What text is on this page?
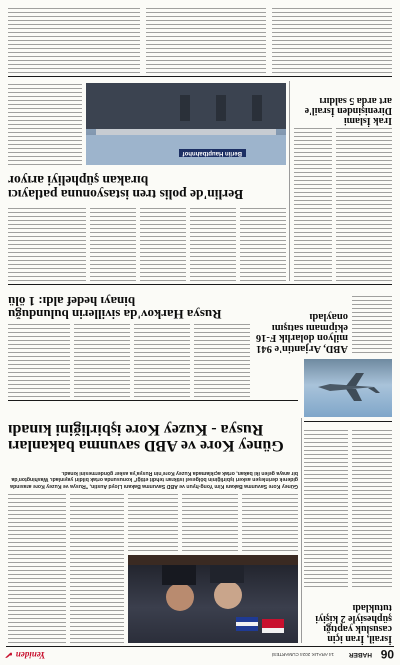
06
HABER
14 ARALIK 2024 CUMARTESİ
Yeniden ✔
İsrail, İran için casusluk yaptığı şüphesiyle 2 kişiyi tutukladı
ABD, Arjantin'e 941 milyon dolarlık F-16 ekipmanı satışını onayladı
Güney Kore Savunma Bakanı Kim Yong-hyun ve ABD Savunma Bakanı Lloyd Austin, "Rusya ve Kuzey Kore arasında giderek derinleşen askeri işbirliğinin bölgesel istikrarı tehdit ettiği" konusunda ortak bildiri yayınladı. Washington'da bir araya gelen iki bakan, ortak açıklamada Kuzey Kore'nin Rusya'ya asker göndermesini kınadı.
Güney Kore ve ABD savunma bakanları Rusya - Kuzey Kore işbirliğini kınadı
Rusya Harkov'da sivillerin bulunduğu binayı hedef aldı: 1 ölü
Irak İslami Direnişinden İsrail'e art arda 5 saldırı
Berlin'de polis tren istasyonuna patlayıcı bırakan şüpheliyi arıyor
Berlin Hauptbahnhof
